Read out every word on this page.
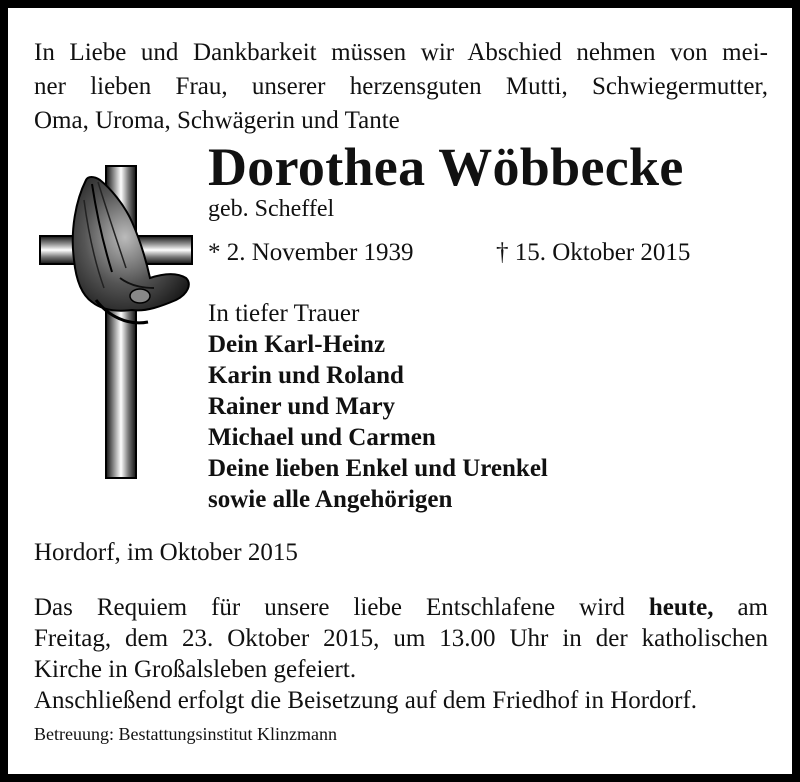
In Liebe und Dankbarkeit müssen wir Abschied nehmen von mei-
ner lieben Frau, unserer herzensguten Mutti, Schwiegermutter,
Oma, Uroma, Schwägerin und Tante
Dorothea Wöbbecke
geb. Scheffel
* 2. November 1939	† 15. Oktober 2015
In tiefer Trauer
Dein Karl-Heinz
Karin und Roland
Rainer und Mary
Michael und Carmen
Deine lieben Enkel und Urenkel
sowie alle Angehörigen
Hordorf, im Oktober 2015
Das Requiem für unsere liebe Entschlafene wird heute, am
Freitag, dem 23. Oktober 2015, um 13.00 Uhr in der katholischen
Kirche in Großalsleben gefeiert.
Anschließend erfolgt die Beisetzung auf dem Friedhof in Hordorf.
Betreuung: Bestattungsinstitut Klinzmann
